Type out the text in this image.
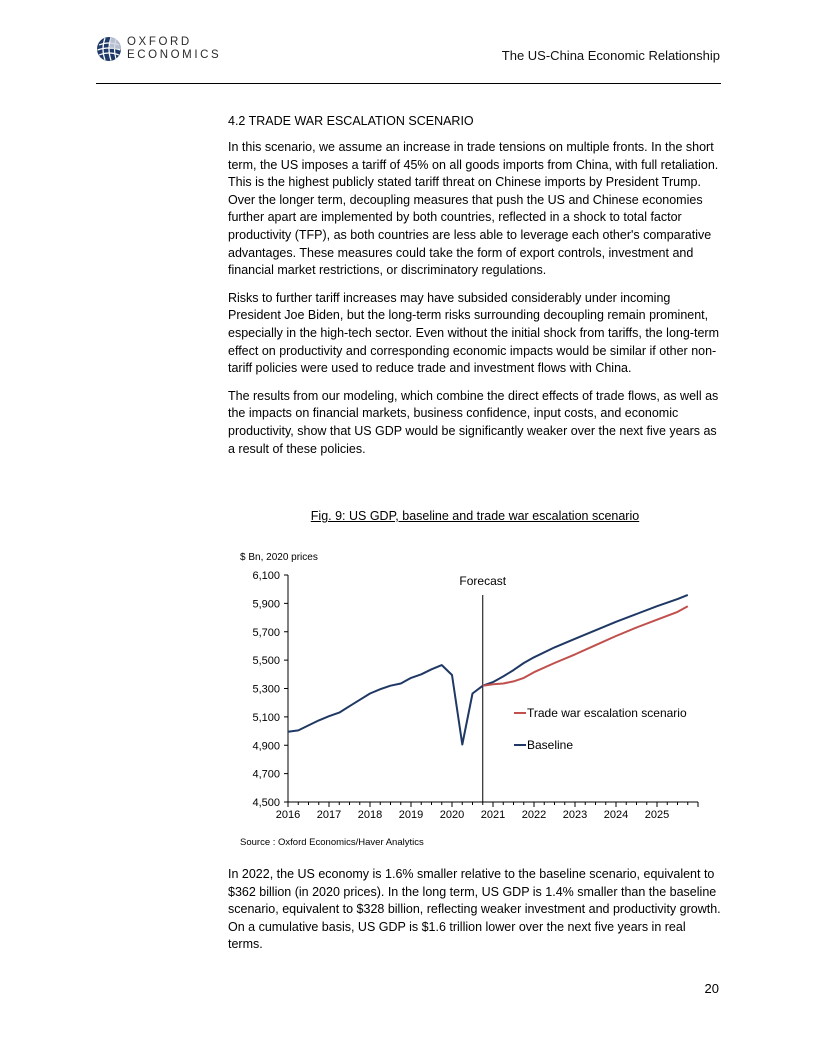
OXFORD
ECONOMICS	The US-China Economic Relationship
4.2 TRADE WAR ESCALATION SCENARIO

In this scenario, we assume an increase in trade tensions on multiple fronts. In the short term, the US imposes a tariff of 45% on all goods imports from China, with full retaliation. This is the highest publicly stated tariff threat on Chinese imports by President Trump. Over the longer term, decoupling measures that push the US and Chinese economies further apart are implemented by both countries, reflected in a shock to total factor productivity (TFP), as both countries are less able to leverage each other's comparative advantages. These measures could take the form of export controls, investment and financial market restrictions, or discriminatory regulations.

Risks to further tariff increases may have subsided considerably under incoming President Joe Biden, but the long-term risks surrounding decoupling remain prominent, especially in the high-tech sector. Even without the initial shock from tariffs, the long-term effect on productivity and corresponding economic impacts would be similar if other non-tariff policies were used to reduce trade and investment flows with China.

The results from our modeling, which combine the direct effects of trade flows, as well as the impacts on financial markets, business confidence, input costs, and economic productivity, show that US GDP would be significantly weaker over the next five years as a result of these policies.

Fig. 9: US GDP, baseline and trade war escalation scenario
$ Bn, 2020 prices
4,500
4,700
4,900
5,100
5,300
5,500
5,700
5,900
6,100
2016 2017 2018 2019 2020 2021 2022 2023 2024 2025
Forecast
Trade war escalation scenario
Baseline
Source : Oxford Economics/Haver Analytics

In 2022, the US economy is 1.6% smaller relative to the baseline scenario, equivalent to $362 billion (in 2020 prices). In the long term, US GDP is 1.4% smaller than the baseline scenario, equivalent to $328 billion, reflecting weaker investment and productivity growth. On a cumulative basis, US GDP is $1.6 trillion lower over the next five years in real terms.

20
